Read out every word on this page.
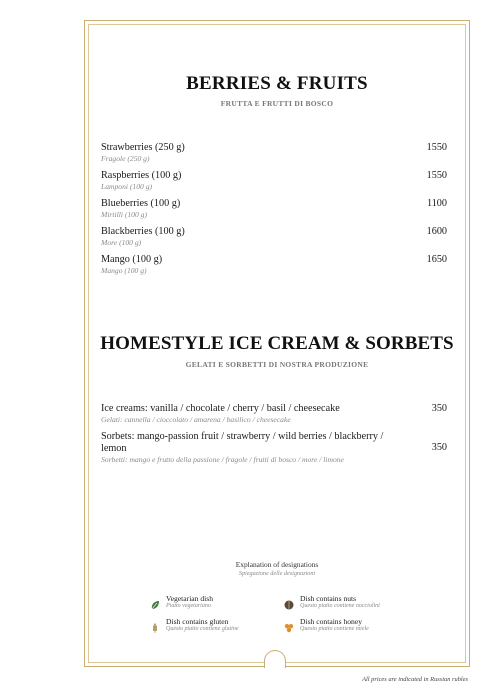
BERRIES & FRUITS
FRUTTA E FRUTTI DI BOSCO
Strawberries (250 g)
Fragole (250 g)
1550
Raspberries (100 g)
Lamponi (100 g)
1550
Blueberries (100 g)
Mirtilli (100 g)
1100
Blackberries (100 g)
More (100 g)
1600
Mango (100 g)
Mango (100 g)
1650
HOMESTYLE ICE CREAM & SORBETS
GELATI E SORBETTI DI NOSTRA PRODUZIONE
Ice creams: vanilla / chocolate / cherry / basil / cheesecake
Gelati: cannella / cioccolato / amarena / basilico / cheesecake
350
Sorbets: mango-passion fruit / strawberry / wild berries / blackberry / lemon
Sorbetti: mango e frutto della passione / fragole / frutti di bosco / more / limone
350
Explanation of designations
Spiegazione delle designazioni
Vegetarian dish
Piatto vegetariano
Dish contains nuts
Questo piatto contiene nocciolini
Dish contains gluten
Questo piatto contiene glutine
Dish contains honey
Questo piatto contiene miele
All prices are indicated in Russian rubles
